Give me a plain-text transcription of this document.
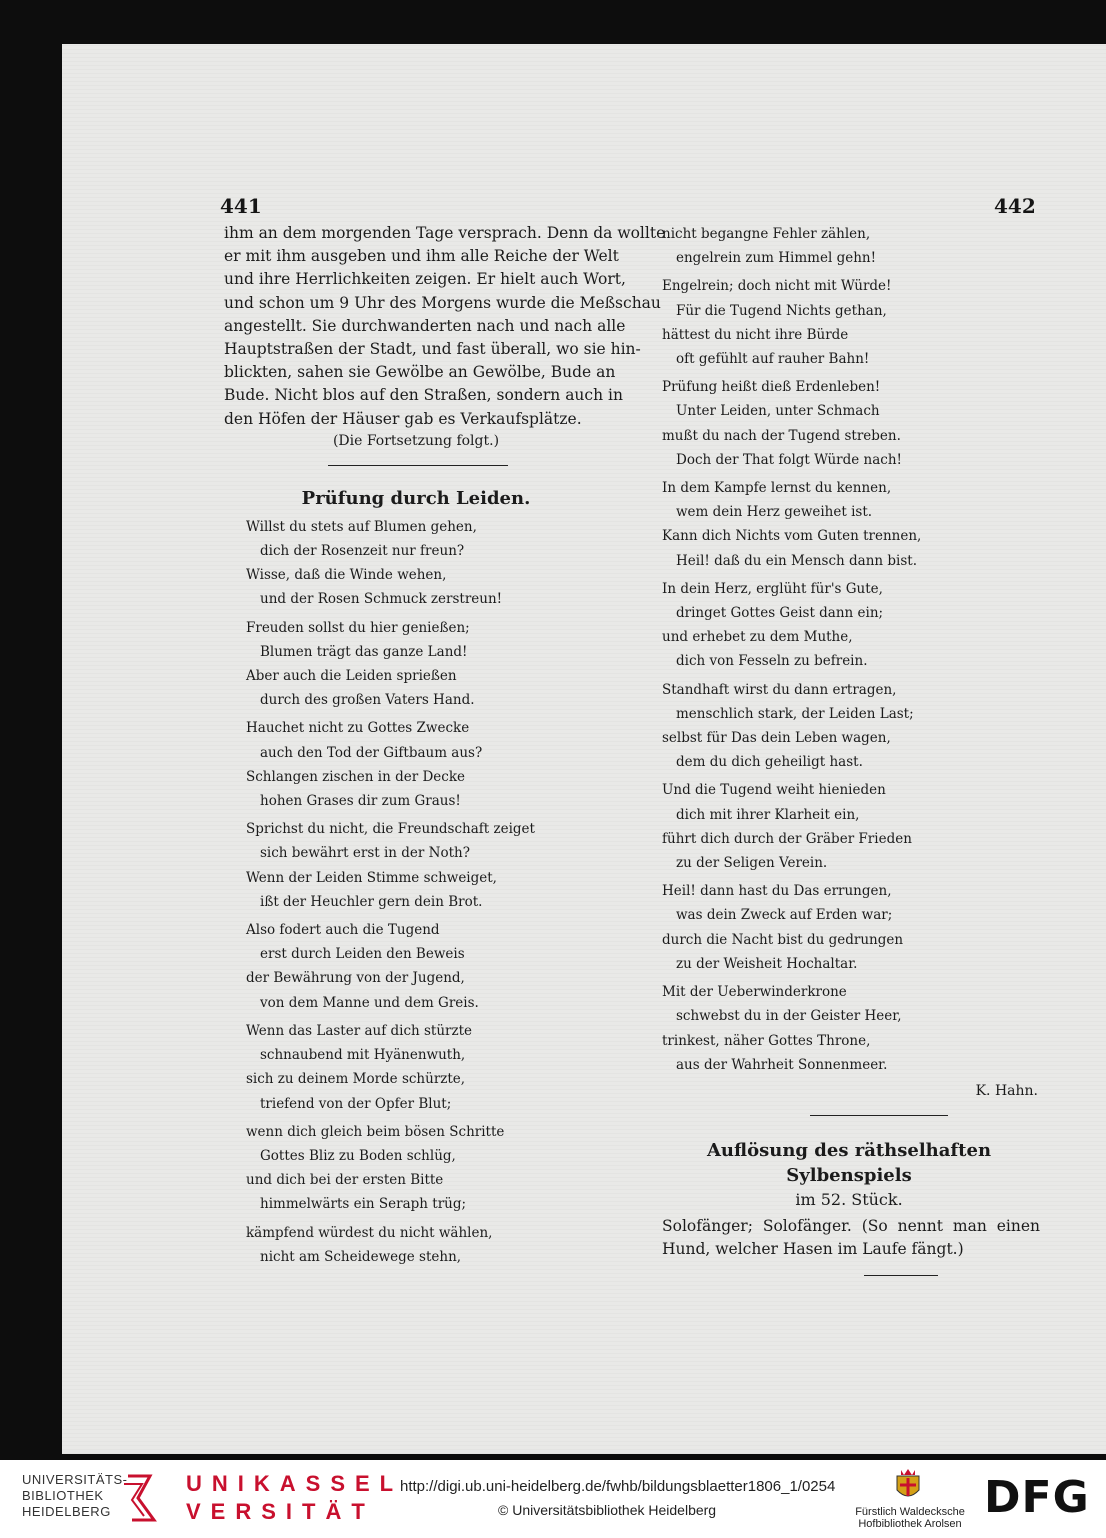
441	442

ihm an dem morgenden Tage versprach. Denn da wollte
er mit ihm ausgeben und ihm alle Reiche der Welt
und ihre Herrlichkeiten zeigen. Er hielt auch Wort,
und schon um 9 Uhr des Morgens wurde die Meßschau
angestellt. Sie durchwanderten nach und nach alle
Hauptstraßen der Stadt, und fast überall, wo sie hin-
blickten, sahen sie Gewölbe an Gewölbe, Bude an
Bude. Nicht blos auf den Straßen, sondern auch in
den Höfen der Häuser gab es Verkaufsplätze.

(Die Fortsetzung folgt.)

Prüfung durch Leiden.
Willst du stets auf Blumen gehen,
dich der Rosenzeit nur freun?
Wisse, daß die Winde wehen,
und der Rosen Schmuck zerstreun!
Freuden sollst du hier genießen;
Blumen trägt das ganze Land!
Aber auch die Leiden sprießen
durch des großen Vaters Hand.
Hauchet nicht zu Gottes Zwecke
auch den Tod der Giftbaum aus?
Schlangen zischen in der Decke
hohen Grases dir zum Graus!
Sprichst du nicht, die Freundschaft zeiget
sich bewährt erst in der Noth?
Wenn der Leiden Stimme schweiget,
ißt der Heuchler gern dein Brot.
Also fodert auch die Tugend
erst durch Leiden den Beweis
der Bewährung von der Jugend,
von dem Manne und dem Greis.
Wenn das Laster auf dich stürzte
schnaubend mit Hyänenwuth,
sich zu deinem Morde schürzte,
triefend von der Opfer Blut;
wenn dich gleich beim bösen Schritte
Gottes Bliz zu Boden schlüg,
und dich bei der ersten Bitte
himmelwärts ein Seraph trüg;
kämpfend würdest du nicht wählen,
nicht am Scheidewege stehn,
nicht begangne Fehler zählen,
engelrein zum Himmel gehn!
Engelrein; doch nicht mit Würde!
Für die Tugend Nichts gethan,
hättest du nicht ihre Bürde
oft gefühlt auf rauher Bahn!
Prüfung heißt dieß Erdenleben!
Unter Leiden, unter Schmach
mußt du nach der Tugend streben.
Doch der That folgt Würde nach!
In dem Kampfe lernst du kennen,
wem dein Herz geweihet ist.
Kann dich Nichts vom Guten trennen,
Heil! daß du ein Mensch dann bist.
In dein Herz, erglüht für's Gute,
dringet Gottes Geist dann ein;
und erhebet zu dem Muthe,
dich von Fesseln zu befrein.
Standhaft wirst du dann ertragen,
menschlich stark, der Leiden Last;
selbst für Das dein Leben wagen,
dem du dich geheiligt hast.
Und die Tugend weiht hienieden
dich mit ihrer Klarheit ein,
führt dich durch der Gräber Frieden
zu der Seligen Verein.
Heil! dann hast du Das errungen,
was dein Zweck auf Erden war;
durch die Nacht bist du gedrungen
zu der Weisheit Hochaltar.
Mit der Ueberwinderkrone
schwebst du in der Geister Heer,
trinkest, näher Gottes Throne,
aus der Wahrheit Sonnenmeer.
K. Hahn.
Auflösung des räthselhaften Sylbenspiels
im 52. Stück.

Solofänger; Solofänger. (So nennt man einen
Hund, welcher Hasen im Laufe fängt.)

UNIVERSITÄTS-
BIBLIOTHEK
HEIDELBERG
UNIKASSEL
VERSITÄT
http://digi.ub.uni-heidelberg.de/fwhb/bildungsblaetter1806_1/0254
© Universitätsbibliothek Heidelberg	Fürstlich Waldecksche
Hofbibliothek Arolsen
DFG
